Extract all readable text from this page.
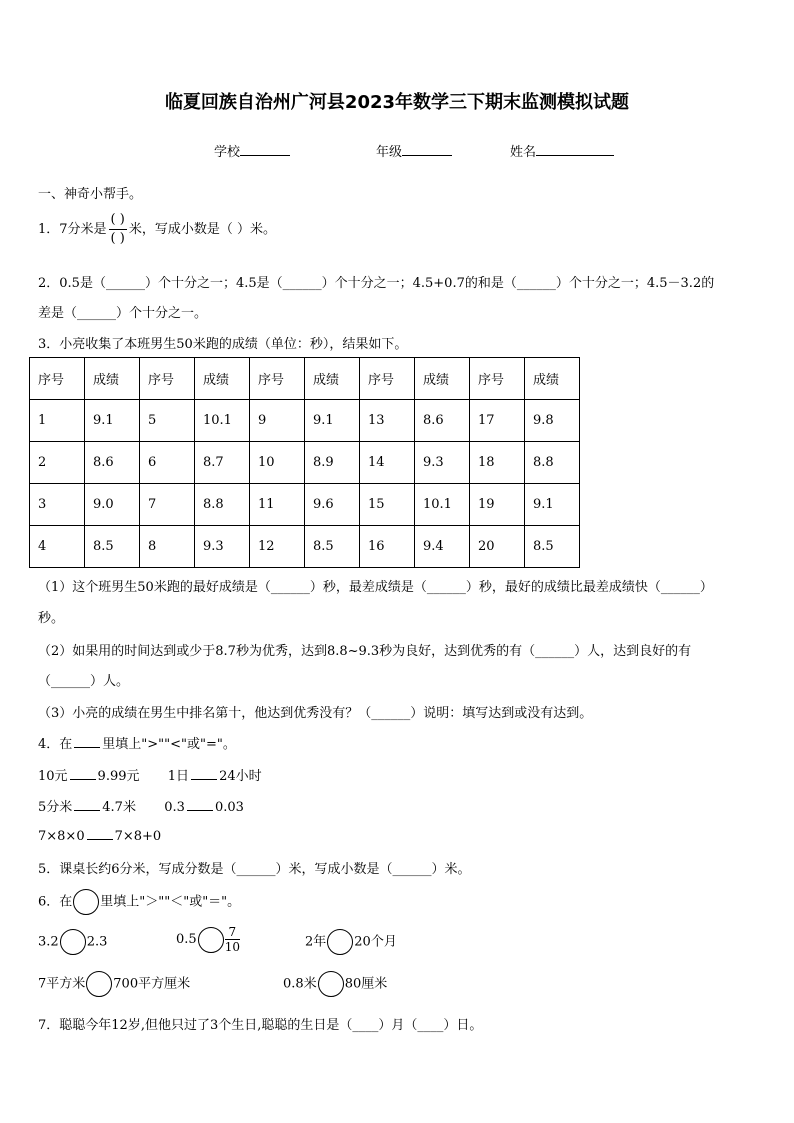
临夏回族自治州广河县2023年数学三下期末监测模拟试题
学校	年级	姓名
一、神奇小帮手。
1．7分米是 $\frac{( )}{( )}$ 米，写成小数是（ ）米。
2．0.5是（______）个十分之一；4.5是（______）个十分之一；4.5+0.7的和是（______）个十分之一；4.5－3.2的
差是（______）个十分之一。
3．小亮收集了本班男生50米跑的成绩（单位：秒），结果如下。
序号	成绩	序号	成绩	序号	成绩	序号	成绩	序号	成绩
1	9.1	5	10.1	9	9.1	13	8.6	17	9.8
2	8.6	6	8.7	10	8.9	14	9.3	18	8.8
3	9.0	7	8.8	11	9.6	15	10.1	19	9.1
4	8.5	8	9.3	12	8.5	16	9.4	20	8.5
（1）这个班男生50米跑的最好成绩是（______）秒，最差成绩是（______）秒，最好的成绩比最差成绩快（______）
秒。
（2）如果用的时间达到或少于8.7秒为优秀，达到8.8~9.3秒为良好，达到优秀的有（______）人，达到良好的有
（______）人。
（3）小亮的成绩在男生中排名第十，他达到优秀没有？（______）说明：填写达到或没有达到。
4．在 里填上">""<"或"="。
10元 9.99元 1日 24小时
5分米 4.7米 0.3 0.03
7×8×0 7×8+0
5．课桌长约6分米，写成分数是（______）米，写成小数是（______）米。
6．在 里填上"＞""＜"或"＝"。
3.2 2.3	$0.5 \frac{7}{10}$	2年 20个月
7平方米 700平方厘米	0.8米 80厘米
7．聪聪今年12岁,但他只过了3个生日,聪聪的生日是（____）月（____）日。
